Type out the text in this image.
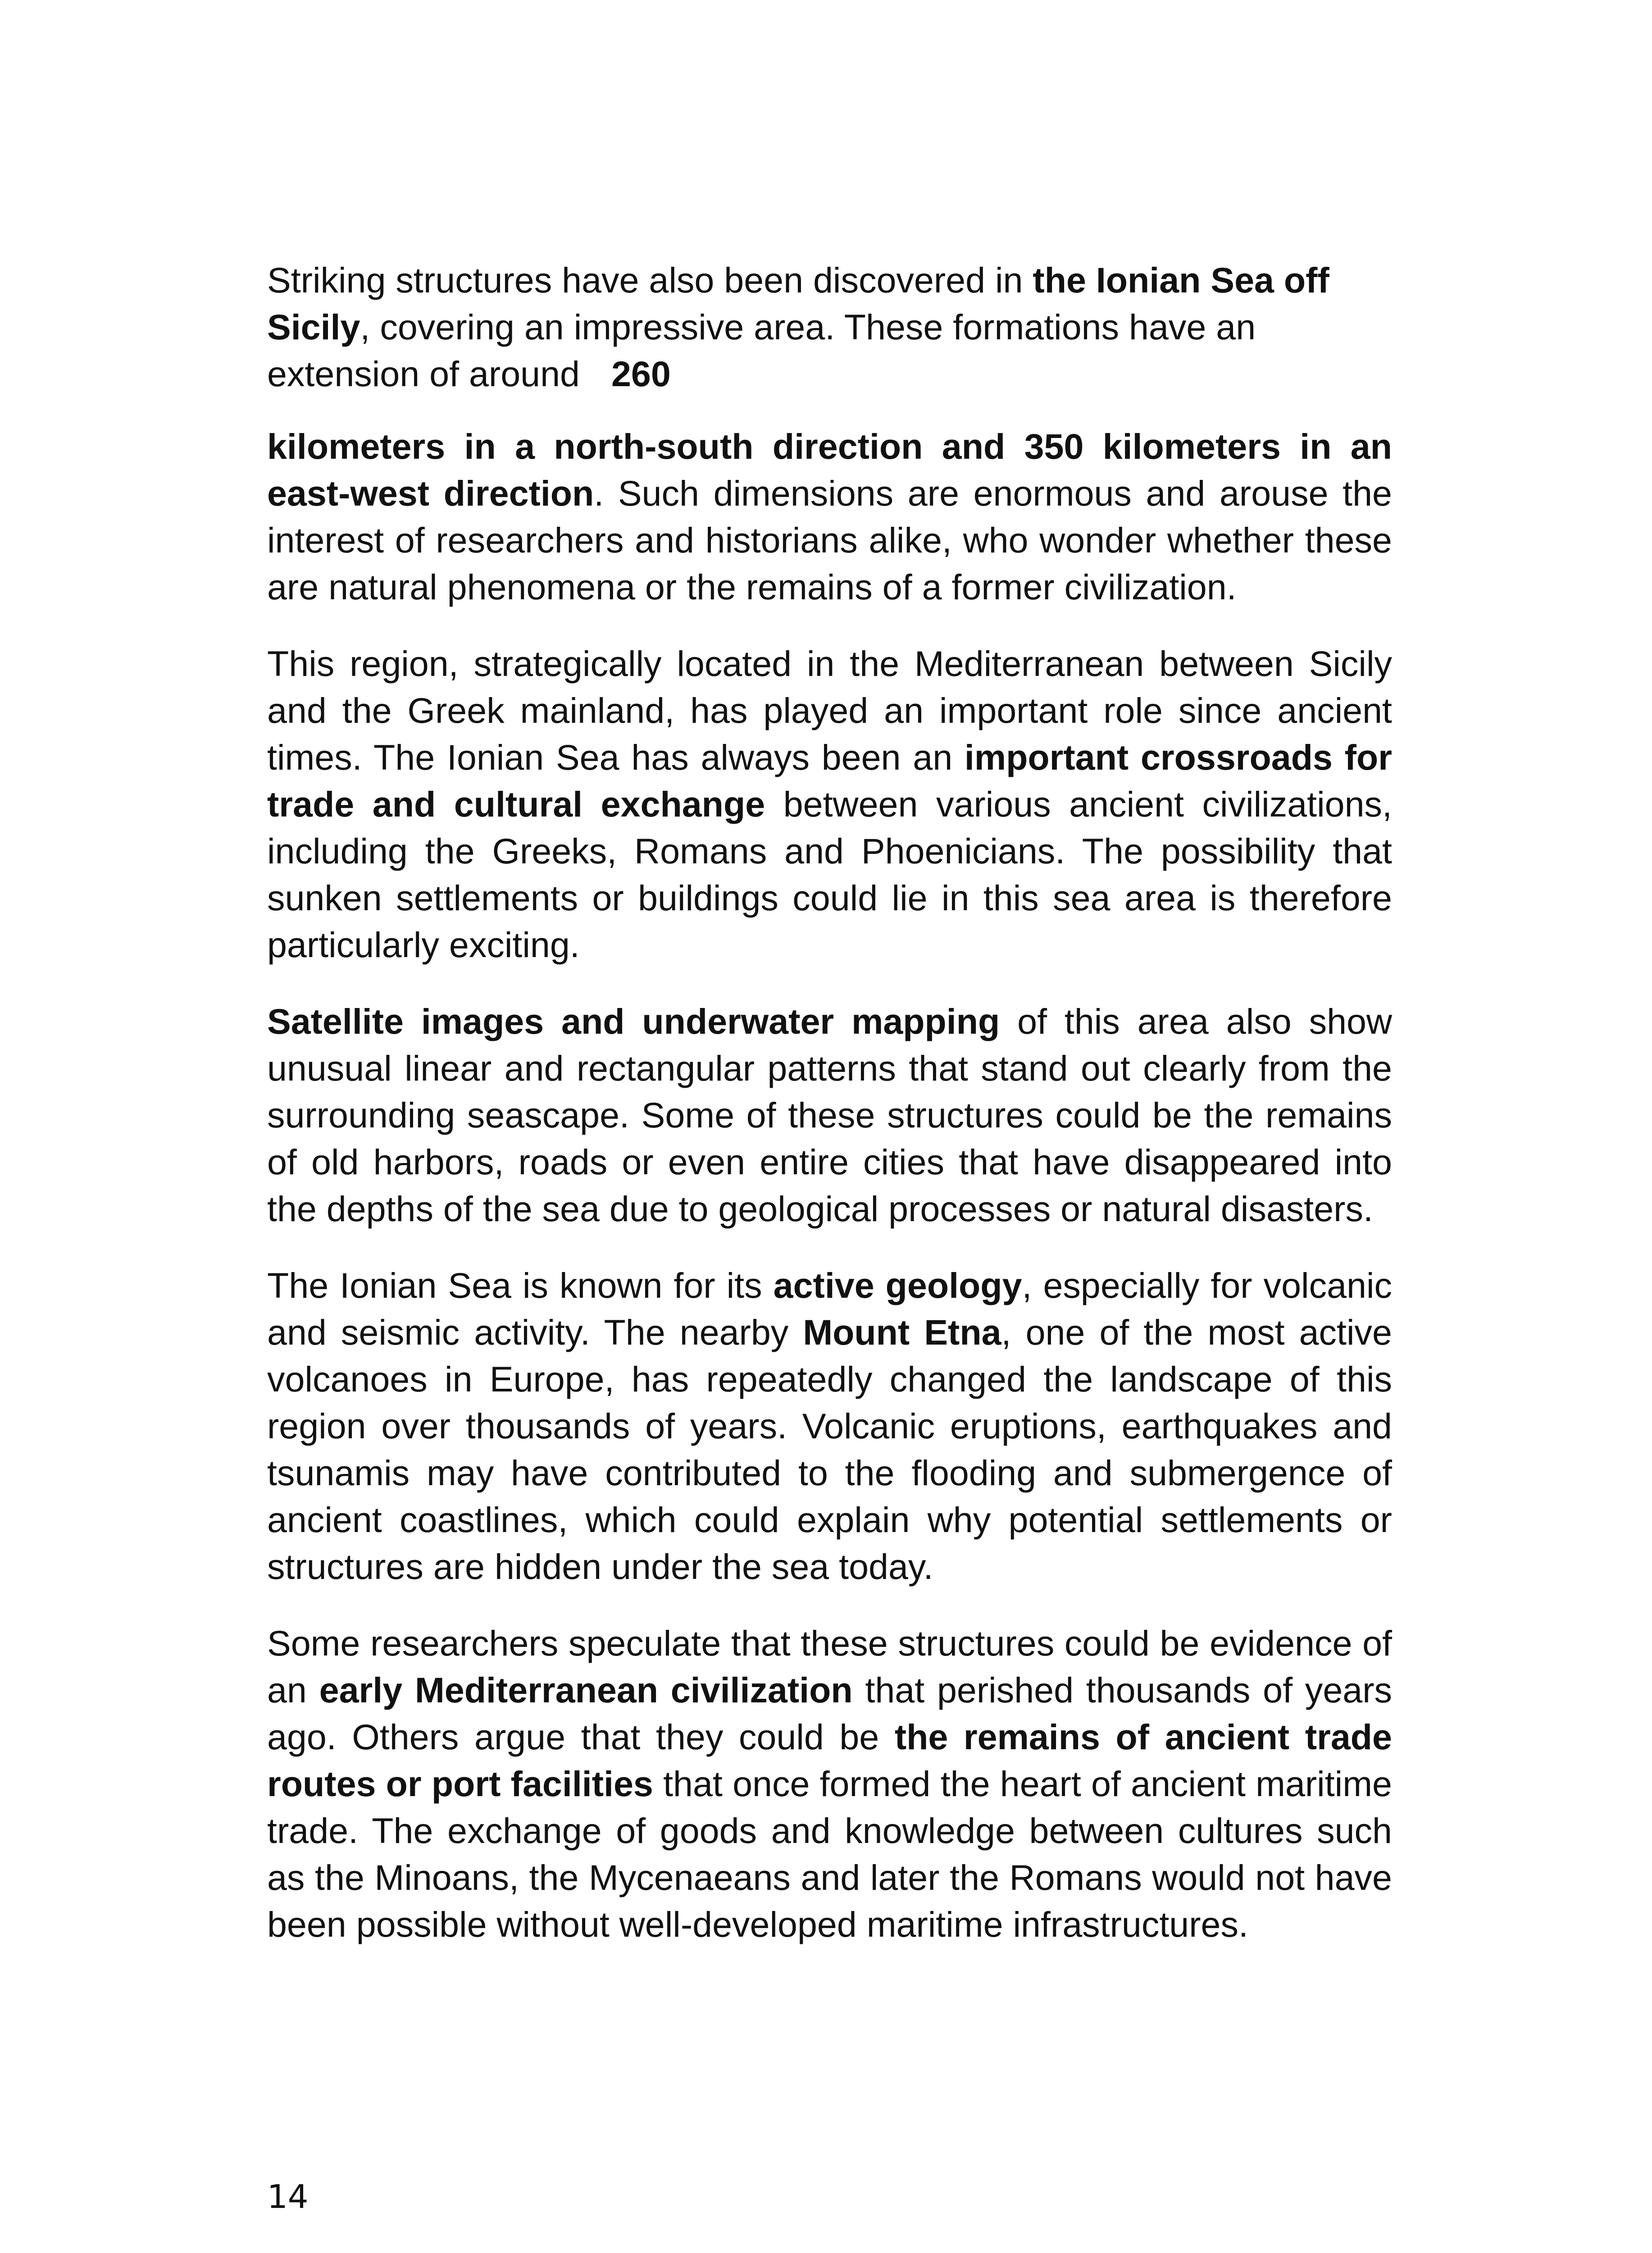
Striking structures have also been discovered in the Ionian Sea off Sicily, covering an impressive area. These formations have an extension of around 260

kilometers in a north-south direction and 350 kilometers in an east-west direction. Such dimensions are enormous and arouse the interest of researchers and historians alike, who wonder whether these are natural phenomena or the remains of a former civilization.

This region, strategically located in the Mediterranean between Sicily and the Greek mainland, has played an important role since ancient times. The Ionian Sea has always been an important crossroads for trade and cultural exchange between various ancient civilizations, including the Greeks, Romans and Phoenicians. The possibility that sunken settlements or buildings could lie in this sea area is therefore particularly exciting.

Satellite images and underwater mapping of this area also show unusual linear and rectangular patterns that stand out clearly from the surrounding seascape. Some of these structures could be the remains of old harbors, roads or even entire cities that have disappeared into the depths of the sea due to geological processes or natural disasters.

The Ionian Sea is known for its active geology, especially for volcanic and seismic activity. The nearby Mount Etna, one of the most active volcanoes in Europe, has repeatedly changed the landscape of this region over thousands of years. Volcanic eruptions, earthquakes and tsunamis may have contributed to the flooding and submergence of ancient coastlines, which could explain why potential settlements or structures are hidden under the sea today.

Some researchers speculate that these structures could be evidence of an early Mediterranean civilization that perished thousands of years ago. Others argue that they could be the remains of ancient trade routes or port facilities that once formed the heart of ancient maritime trade. The exchange of goods and knowledge between cultures such as the Minoans, the Mycenaeans and later the Romans would not have been possible without well-developed maritime infrastructures.

14
